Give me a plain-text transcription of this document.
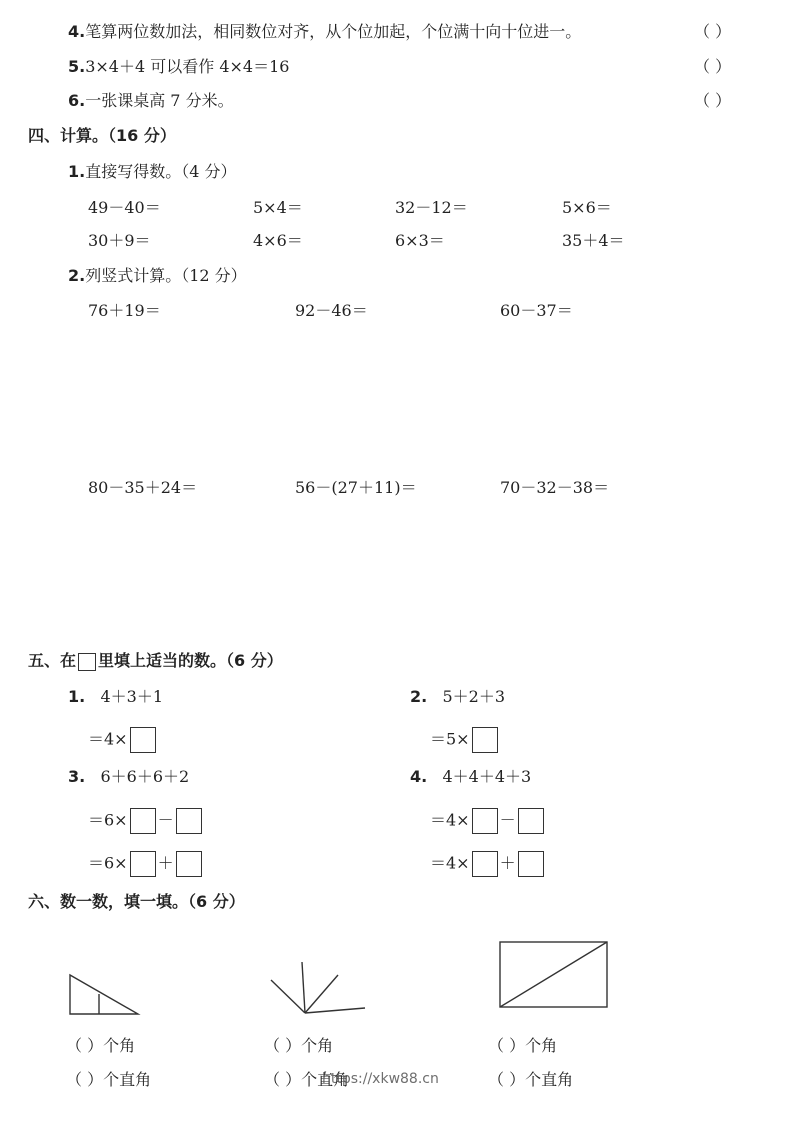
4.笔算两位数加法，相同数位对齐，从个位加起，个位满十向十位进一。	（ ）
5.3×4＋4 可以看作 4×4＝16	（ ）
6.一张课桌高 7 分米。	（ ）
四、计算。（16 分）
1.直接写得数。（4 分）
49－40＝	5×4＝	32－12＝	5×6＝
30＋9＝	4×6＝	6×3＝	35＋4＝
2.列竖式计算。（12 分）
76＋19＝	92－46＝	60－37＝
80－35＋24＝	56－(27＋11)＝	70－32－38＝
五、在 里填上适当的数。（6 分）
1. 4＋3＋1
＝4×
2. 5＋2＋3
＝5×
3. 6＋6＋6＋2
＝6× －
＝6× ＋
4. 4＋4＋4＋3
＝4× －
＝4× ＋
六、数一数，填一填。（6 分）
（ ）个角	（ ）个角	（ ）个角
（ ）个直角	（ ）个直角	（ ）个直角
https://xkw88.cn
